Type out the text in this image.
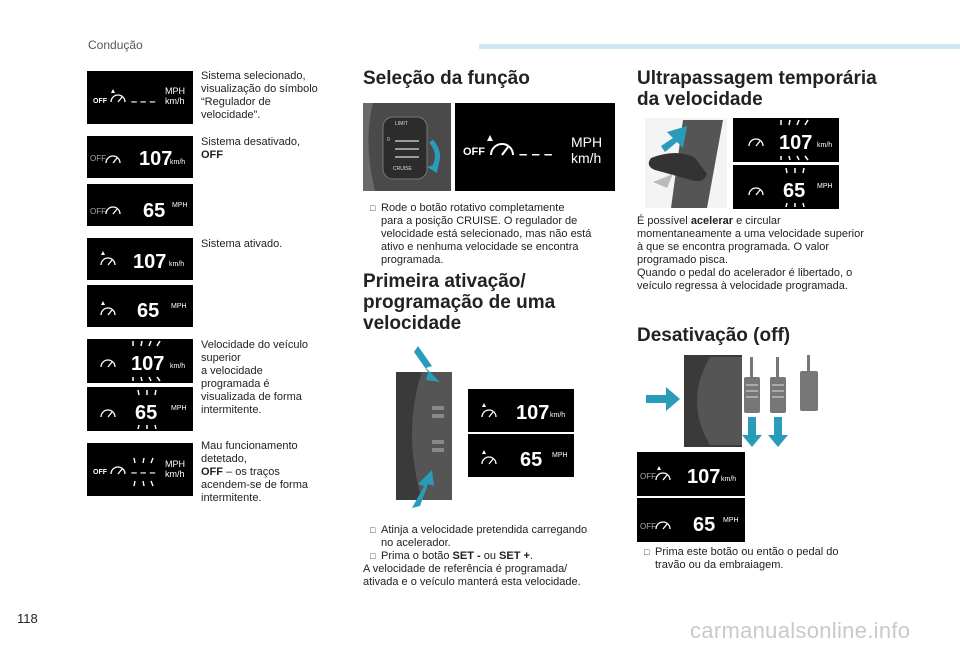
Condução
OFF – – –
MPH
km/h
Sistema selecionado, visualização do símbolo “Regulador de velocidade”.
OFF 107
km/h
Sistema desativado,
OFF
OFF 65 MPH
107 km/h
Sistema ativado.
65 MPH
107 km/h
65 MPH
Velocidade do veículo
superior
a velocidade
programada é
visualizada de forma
intermitente.
OFF – – –
MPH
km/h
Mau funcionamento
detetado,
OFF – os traços
acendem-se de forma
intermitente.
Seleção da função
LIMIT
0
CRUISE
OFF – – –
MPH
km/h
□ Rode o botão rotativo completamente
para a posição CRUISE. O regulador de
velocidade está selecionado, mas não está
ativo e nenhuma velocidade se encontra
programada.
Primeira ativação/
programação de uma
velocidade
107 km/h
65 MPH
Atinja a velocidade pretendida carregando
no acelerador.
Prima o botão SET - ou SET +.
A velocidade de referência é programada/
ativada e o veículo manterá esta velocidade.
Ultrapassagem temporária
da velocidade
107 km/h
65 MPH
É possível acelerar e circular
momentaneamente a uma velocidade superior
à que se encontra programada. O valor
programado pisca.
Quando o pedal do acelerador é libertado, o
veículo regressa à velocidade programada.
Desativação (off)
OFF 107 km/h
OFF 65 MPH
Prima este botão ou então o pedal do
travão ou da embraiagem.
118	carmanualsonline.info
